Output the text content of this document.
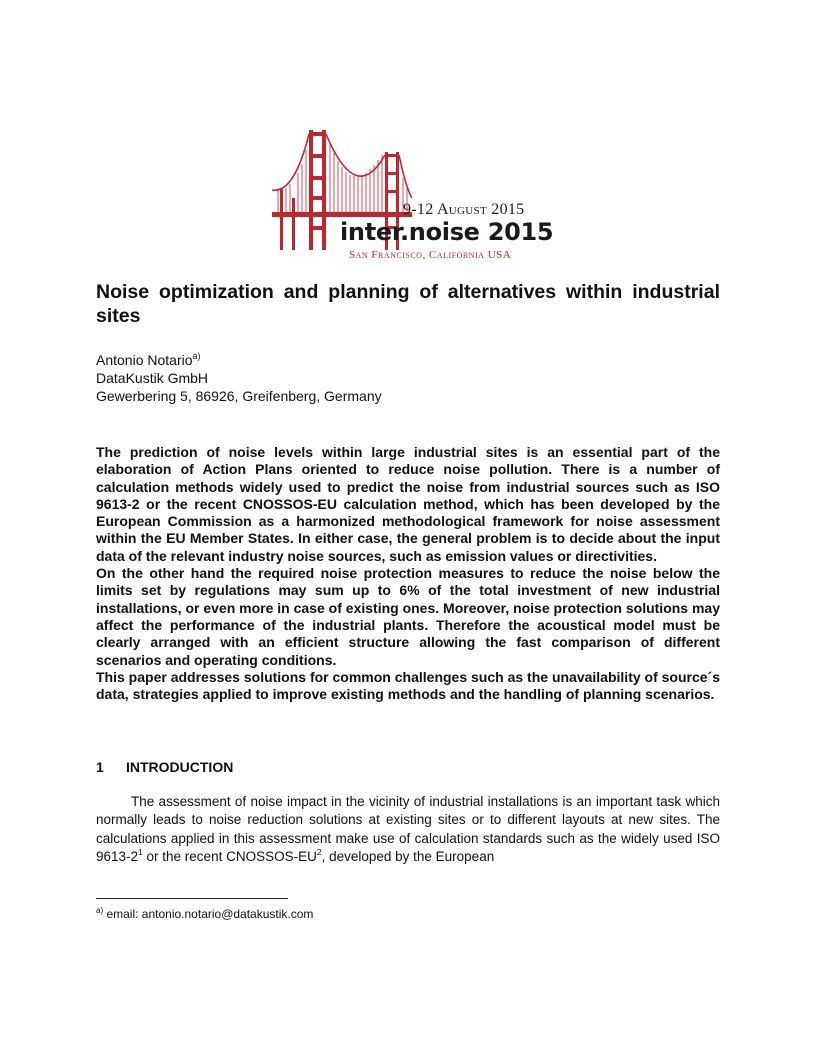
9-12 August 2015
inter.noise 2015
San Francisco, California USA
Noise optimization and planning of alternatives within industrial sites
Antonio Notario$^{a)}$
DataKustik GmbH
Gewerbering 5, 86926, Greifenberg, Germany

The prediction of noise levels within large industrial sites is an essential part of the elaboration of Action Plans oriented to reduce noise pollution. There is a number of calculation methods widely used to predict the noise from industrial sources such as ISO 9613-2 or the recent CNOSSOS-EU calculation method, which has been developed by the European Commission as a harmonized methodological framework for noise assessment within the EU Member States. In either case, the general problem is to decide about the input data of the relevant industry noise sources, such as emission values or directivities.

On the other hand the required noise protection measures to reduce the noise below the limits set by regulations may sum up to 6% of the total investment of new industrial installations, or even more in case of existing ones. Moreover, noise protection solutions may affect the performance of the industrial plants. Therefore the acoustical model must be clearly arranged with an efficient structure allowing the fast comparison of different scenarios and operating conditions.

This paper addresses solutions for common challenges such as the unavailability of source´s data, strategies applied to improve existing methods and the handling of planning scenarios.

1 INTRODUCTION

The assessment of noise impact in the vicinity of industrial installations is an important task which normally leads to noise reduction solutions at existing sites or to different layouts at new sites. The calculations applied in this assessment make use of calculation standards such as the widely used ISO $9613-2^1$ or the recent CNOSSOS-$EU^2$, developed by the European

$^{a)}$ email: antonio.notario@datakustik.com
